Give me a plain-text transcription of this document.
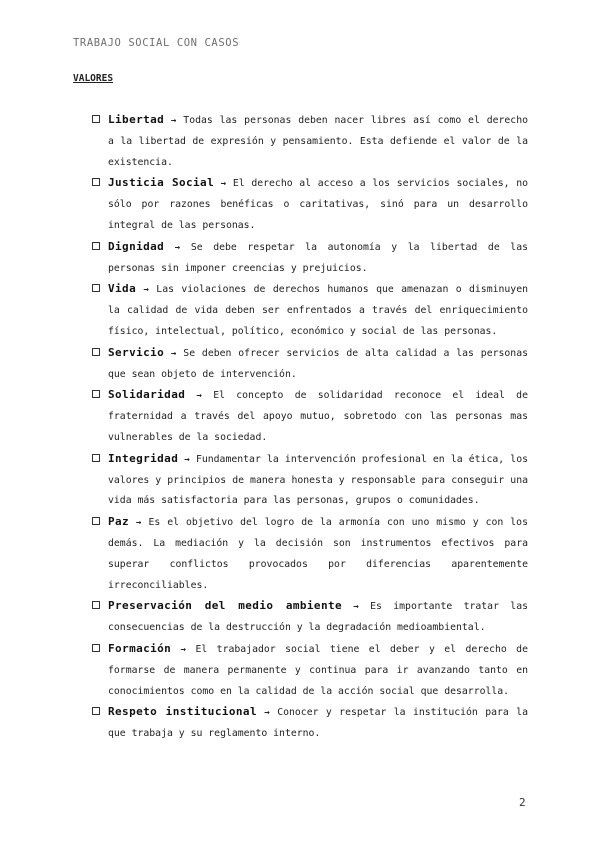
TRABAJO SOCIAL CON CASOS
VALORES
Libertad → Todas las personas deben nacer libres así como el derecho a la libertad de expresión y pensamiento. Esta defiende el valor de la existencia.
Justicia Social → El derecho al acceso a los servicios sociales, no sólo por razones benéficas o caritativas, sinó para un desarrollo integral de las personas.
Dignidad → Se debe respetar la autonomía y la libertad de las personas sin imponer creencias y prejuicios.
Vida → Las violaciones de derechos humanos que amenazan o disminuyen la calidad de vida deben ser enfrentados a través del enriquecimiento físico, intelectual, político, económico y social de las personas.
Servicio → Se deben ofrecer servicios de alta calidad a las personas que sean objeto de intervención.
Solidaridad → El concepto de solidaridad reconoce el ideal de fraternidad a través del apoyo mutuo, sobretodo con las personas mas vulnerables de la sociedad.
Integridad → Fundamentar la intervención profesional en la ética, los valores y principios de manera honesta y responsable para conseguir una vida más satisfactoria para las personas, grupos o comunidades.
Paz → Es el objetivo del logro de la armonía con uno mismo y con los demás. La mediación y la decisión son instrumentos efectivos para superar conflictos provocados por diferencias aparentemente irreconciliables.
Preservación del medio ambiente → Es importante tratar las consecuencias de la destrucción y la degradación medioambiental.
Formación → El trabajador social tiene el deber y el derecho de formarse de manera permanente y continua para ir avanzando tanto en conocimientos como en la calidad de la acción social que desarrolla.
Respeto institucional → Conocer y respetar la institución para la que trabaja y su reglamento interno.
2
